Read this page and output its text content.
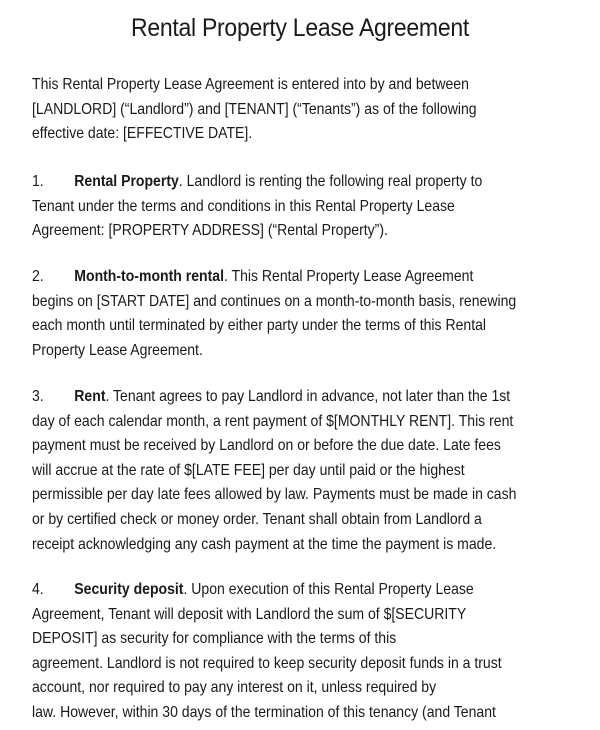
Rental Property Lease Agreement
This Rental Property Lease Agreement is entered into by and between
[LANDLORD] (“Landlord”) and [TENANT] (“Tenants”) as of the following
effective date: [EFFECTIVE DATE].
1. Rental Property. Landlord is renting the following real property to
Tenant under the terms and conditions in this Rental Property Lease
Agreement: [PROPERTY ADDRESS] (“Rental Property”).
2. Month-to-month rental. This Rental Property Lease Agreement
begins on [START DATE] and continues on a month-to-month basis, renewing
each month until terminated by either party under the terms of this Rental
Property Lease Agreement.
3. Rent. Tenant agrees to pay Landlord in advance, not later than the 1st
day of each calendar month, a rent payment of $[MONTHLY RENT]. This rent
payment must be received by Landlord on or before the due date. Late fees
will accrue at the rate of $[LATE FEE] per day until paid or the highest
permissible per day late fees allowed by law. Payments must be made in cash
or by certified check or money order. Tenant shall obtain from Landlord a
receipt acknowledging any cash payment at the time the payment is made.
4. Security deposit. Upon execution of this Rental Property Lease
Agreement, Tenant will deposit with Landlord the sum of $[SECURITY
DEPOSIT] as security for compliance with the terms of this
agreement. Landlord is not required to keep security deposit funds in a trust
account, nor required to pay any interest on it, unless required by
law. However, within 30 days of the termination of this tenancy (and Tenant
